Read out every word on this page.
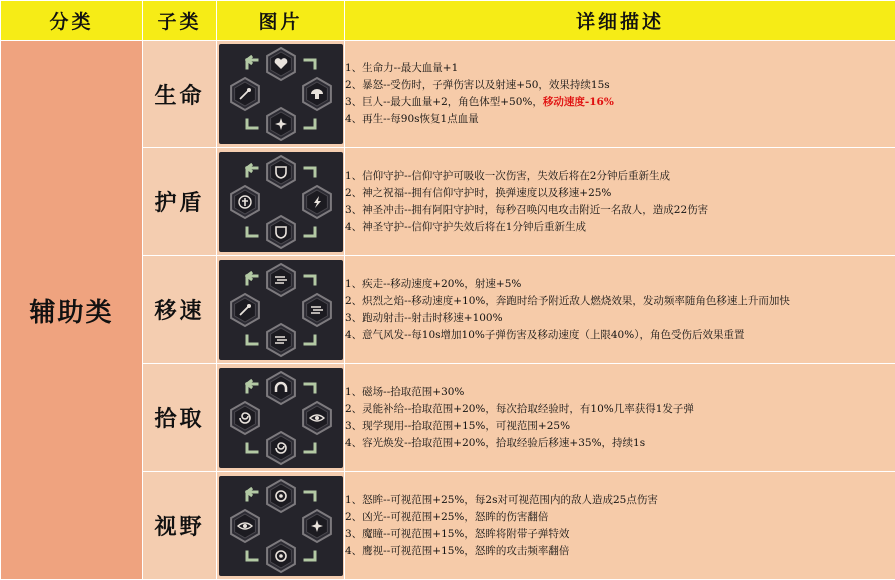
分类	子类	图片	详细描述
辅助类	生命		1、生命力--最大血量+1
2、暴怒--受伤时，子弹伤害以及射速+50，效果持续15s
3、巨人--最大血量+2，角色体型+50%，移动速度-16%
4、再生--每90s恢复1点血量

	护盾		1、信仰守护--信仰守护可吸收一次伤害，失效后将在2分钟后重新生成
2、神之祝福--拥有信仰守护时，换弹速度以及移速+25%
3、神圣冲击--拥有阿阳守护时，每秒召唤闪电攻击附近一名敌人，造成22伤害
4、神圣守护--信仰守护失效后将在1分钟后重新生成

	移速		1、疾走--移动速度+20%，射速+5%
2、炽烈之焰--移动速度+10%，奔跑时给予附近敌人燃烧效果，发动频率随角色移速上升而加快
3、跑动射击--射击时移速+100%
4、意气风发--每10s增加10%子弹伤害及移动速度（上限40%），角色受伤后效果重置

	拾取		1、磁场--拾取范围+30%
2、灵能补给--拾取范围+20%，每次拾取经验时，有10%几率获得1发子弹
3、现学现用--拾取范围+15%，可视范围+25%
4、容光焕发--拾取范围+20%，拾取经验后移速+35%，持续1s

	视野		1、怒眸--可视范围+25%，每2s对可视范围内的敌人造成25点伤害
2、凶光--可视范围+25%，怒眸的伤害翻倍
3、魔瞳--可视范围+15%，怒眸将附带子弹特效
4、鹰视--可视范围+15%，怒眸的攻击频率翻倍
